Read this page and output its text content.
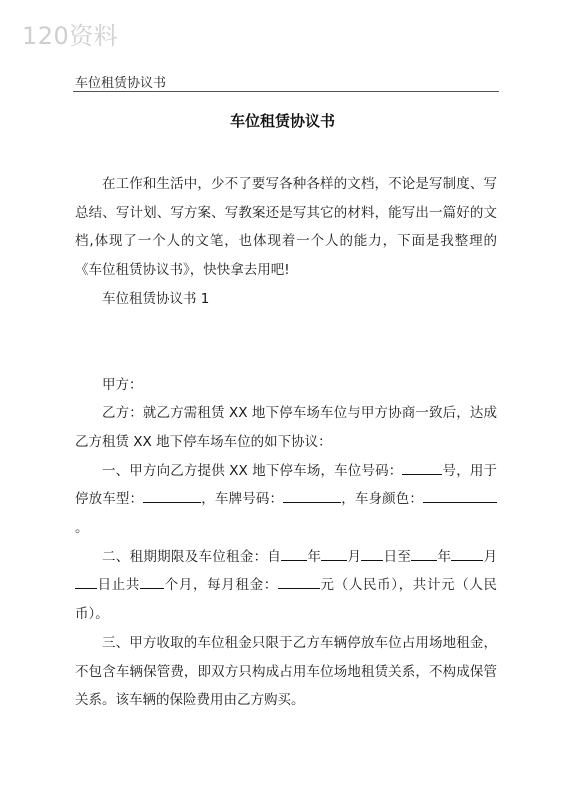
120资料
车位租赁协议书
车位租赁协议书

在工作和生活中，少不了要写各种各样的文档，不论是写制度、写总结、写计划、写方案、写教案还是写其它的材料，能写出一篇好的文档,体现了一个人的文笔，也体现着一个人的能力，下面是我整理的《车位租赁协议书》，快快拿去用吧!

车位租赁协议书 1

甲方：

乙方：就乙方需租赁 XX 地下停车场车位与甲方协商一致后，达成乙方租赁 XX 地下停车场车位的如下协议：

一、甲方向乙方提供 XX 地下停车场，车位号码：	号，用于停放车型：	，车牌号码：	，车身颜色：。

二、租期期限及车位租金：自 年 月 日至 年 月日止共 个月，每月租金：	元（人民币），共计元（人民币）。

三、甲方收取的车位租金只限于乙方车辆停放车位占用场地租金，不包含车辆保管费，即双方只构成占用车位场地租赁关系，不构成保管关系。该车辆的保险费用由乙方购买。
